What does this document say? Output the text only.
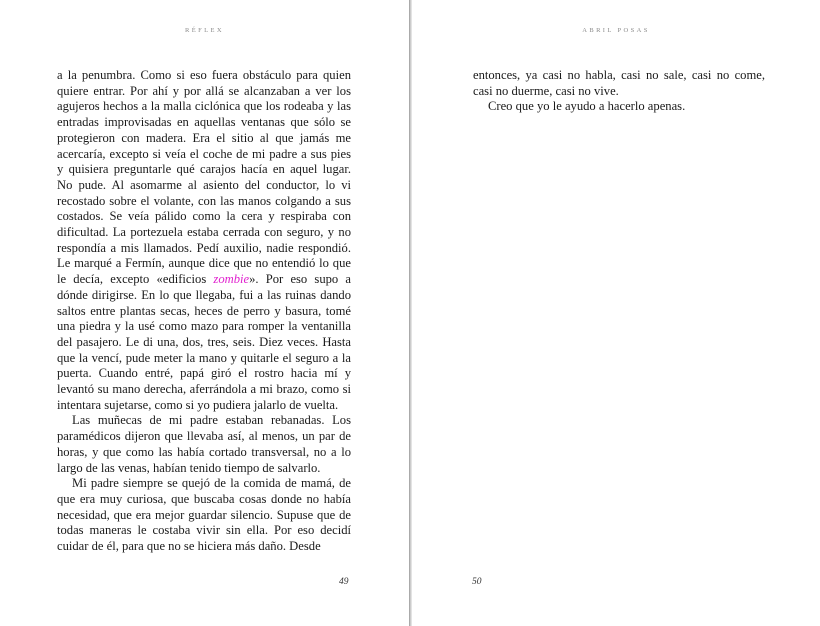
RÉFLEX

a la penumbra. Como si eso fuera obstáculo para quien quiere entrar. Por ahí y por allá se alcanzaban a ver los agujeros hechos a la malla ciclónica que los rodeaba y las entradas improvisadas en aquellas ventanas que sólo se protegieron con madera. Era el sitio al que jamás me acercaría, excepto si veía el coche de mi padre a sus pies y quisiera preguntarle qué carajos hacía en aquel lugar. No pude. Al asomarme al asiento del conductor, lo vi recostado sobre el volante, con las manos colgando a sus costados. Se veía pálido como la cera y respiraba con dificultad. La portezuela estaba cerrada con seguro, y no respondía a mis llamados. Pedí auxilio, nadie respondió. Le marqué a Fermín, aunque dice que no entendió lo que le decía, excepto «edificios zombie». Por eso supo a dónde dirigirse. En lo que llegaba, fui a las ruinas dando saltos entre plantas secas, heces de perro y basura, tomé una piedra y la usé como mazo para romper la ventanilla del pasajero. Le di una, dos, tres, seis. Diez veces. Hasta que la vencí, pude meter la mano y quitarle el seguro a la puerta. Cuando entré, papá giró el rostro hacia mí y levantó su mano derecha, aferrándola a mi brazo, como si intentara sujetarse, como si yo pudiera jalarlo de vuelta.

Las muñecas de mi padre estaban rebanadas. Los paramédicos dijeron que llevaba así, al menos, un par de horas, y que como las había cortado transversal, no a lo largo de las venas, habían tenido tiempo de salvarlo.

Mi padre siempre se quejó de la comida de mamá, de que era muy curiosa, que buscaba cosas donde no había necesidad, que era mejor guardar silencio. Supuse que de todas maneras le costaba vivir sin ella. Por eso decidí cuidar de él, para que no se hiciera más daño. Desde

49
ABRIL POSAS

entonces, ya casi no habla, casi no sale, casi no come, casi no duerme, casi no vive.

Creo que yo le ayudo a hacerlo apenas.

50
